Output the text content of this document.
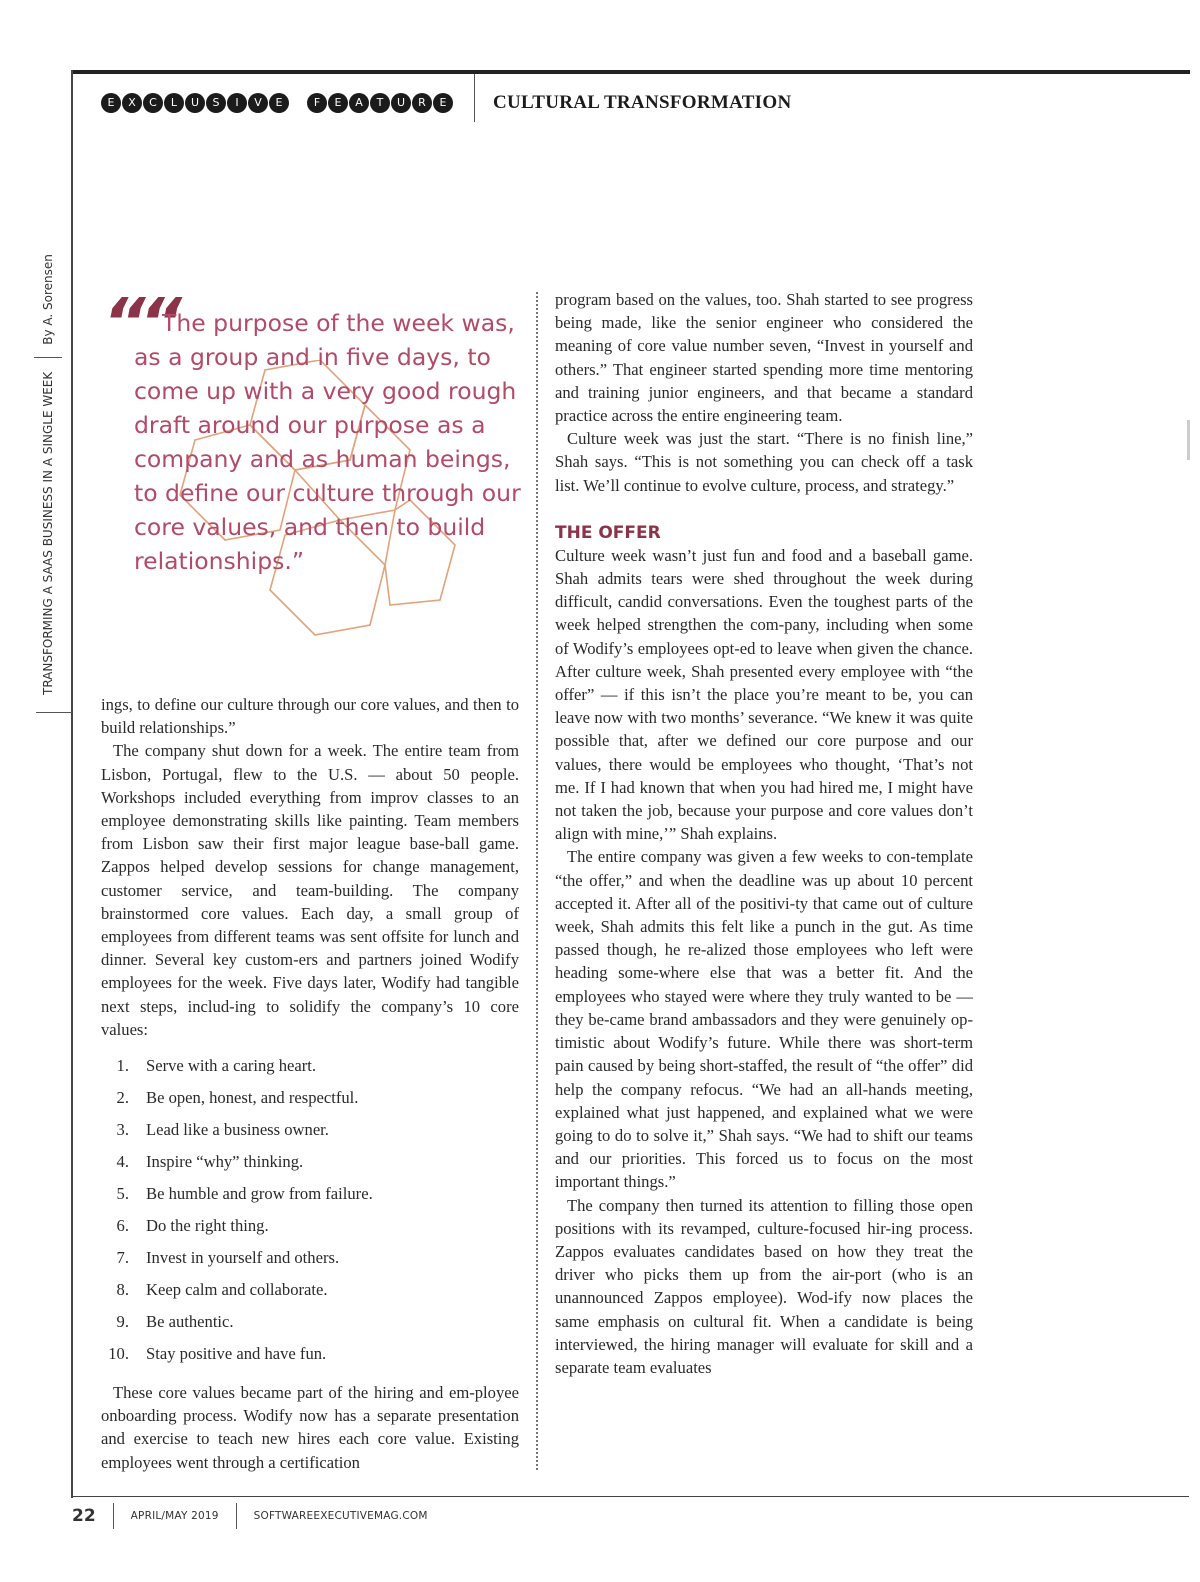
E	X	C	L	U	S	I	V	E	F	E	A	T	U	R	E	CULTURAL TRANSFORMATION
TRANSFORMING A SAAS BUSINESS IN A SINGLE WEEK
By A. Sorensen ““
The purpose of the week was,
as a group and in five days, to come up with a very good rough draft around our purpose as a company and as human beings, to define our culture through our core values, and then to build relationships.”

ings, to define our culture through our core values, and then to build relationships.”

The company shut down for a week. The entire team from Lisbon, Portugal, flew to the U.S. — about 50 people. Workshops included everything from improv classes to an employee demonstrating skills like painting. Team members from Lisbon saw their first major league base-ball game. Zappos helped develop sessions for change management, customer service, and team-building. The company brainstormed core values. Each day, a small group of employees from different teams was sent offsite for lunch and dinner. Several key custom-ers and partners joined Wodify employees for the week. Five days later, Wodify had tangible next steps, includ-ing to solidify the company’s 10 core values:

1. Serve with a caring heart.
2. Be open, honest, and respectful.
3. Lead like a business owner.
4. Inspire “why” thinking.
5. Be humble and grow from failure.
6. Do the right thing.
7. Invest in yourself and others.
8. Keep calm and collaborate.
9. Be authentic.
10. Stay positive and have fun.

These core values became part of the hiring and em-ployee onboarding process. Wodify now has a separate presentation and exercise to teach new hires each core value. Existing employees went through a certification

program based on the values, too. Shah started to see progress being made, like the senior engineer who considered the meaning of core value number seven, “Invest in yourself and others.” That engineer started spending more time mentoring and training junior engineers, and that became a standard practice across the entire engineering team.

Culture week was just the start. “There is no finish line,” Shah says. “This is not something you can check off a task list. We’ll continue to evolve culture, process, and strategy.”

THE OFFER

Culture week wasn’t just fun and food and a baseball game. Shah admits tears were shed throughout the week during difficult, candid conversations. Even the toughest parts of the week helped strengthen the com-pany, including when some of Wodify’s employees opt-ed to leave when given the chance. After culture week, Shah presented every employee with “the offer” — if this isn’t the place you’re meant to be, you can leave now with two months’ severance. “We knew it was quite possible that, after we defined our core purpose and our values, there would be employees who thought, ‘That’s not me. If I had known that when you had hired me, I might have not taken the job, because your purpose and core values don’t align with mine,’” Shah explains.

The entire company was given a few weeks to con-template “the offer,” and when the deadline was up about 10 percent accepted it. After all of the positivi-ty that came out of culture week, Shah admits this felt like a punch in the gut. As time passed though, he re-alized those employees who left were heading some-where else that was a better fit. And the employees who stayed were where they truly wanted to be — they be-came brand ambassadors and they were genuinely op-timistic about Wodify’s future. While there was short-term pain caused by being short-staffed, the result of “the offer” did help the company refocus. “We had an all-hands meeting, explained what just happened, and explained what we were going to do to solve it,” Shah says. “We had to shift our teams and our priorities. This forced us to focus on the most important things.”

The company then turned its attention to filling those open positions with its revamped, culture-focused hir-ing process. Zappos evaluates candidates based on how they treat the driver who picks them up from the air-port (who is an unannounced Zappos employee). Wod-ify now places the same emphasis on cultural fit. When a candidate is being interviewed, the hiring manager will evaluate for skill and a separate team evaluates

22	APRIL/MAY 2019	SOFTWAREEXECUTIVEMAG.COM
